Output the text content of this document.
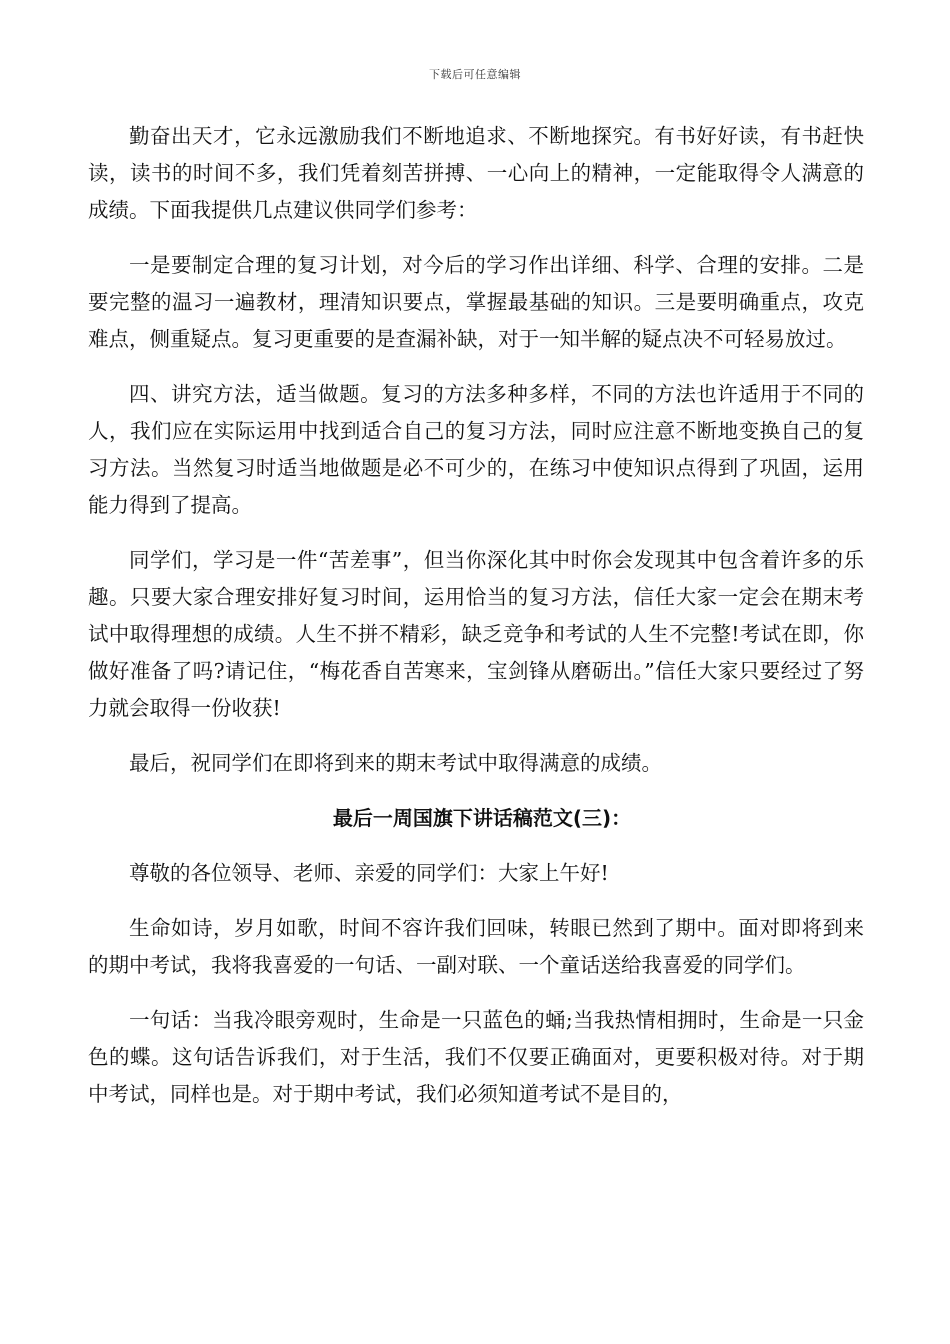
下载后可任意编辑

勤奋出天才，它永远激励我们不断地追求、不断地探究。有书好好读，有书赶快读，读书的时间不多，我们凭着刻苦拼搏、一心向上的精神，一定能取得令人满意的成绩。下面我提供几点建议供同学们参考：

一是要制定合理的复习计划，对今后的学习作出详细、科学、合理的安排。二是要完整的温习一遍教材，理清知识要点，掌握最基础的知识。三是要明确重点，攻克难点，侧重疑点。复习更重要的是查漏补缺，对于一知半解的疑点决不可轻易放过。

四、讲究方法，适当做题。复习的方法多种多样，不同的方法也许适用于不同的人，我们应在实际运用中找到适合自己的复习方法，同时应注意不断地变换自己的复习方法。当然复习时适当地做题是必不可少的，在练习中使知识点得到了巩固，运用能力得到了提高。

同学们，学习是一件“苦差事”，但当你深化其中时你会发现其中包含着许多的乐趣。只要大家合理安排好复习时间，运用恰当的复习方法，信任大家一定会在期末考试中取得理想的成绩。人生不拼不精彩，缺乏竞争和考试的人生不完整!考试在即，你做好准备了吗?请记住，“梅花香自苦寒来，宝剑锋从磨砺出。”信任大家只要经过了努力就会取得一份收获!

最后，祝同学们在即将到来的期末考试中取得满意的成绩。

最后一周国旗下讲话稿范文(三)：

尊敬的各位领导、老师、亲爱的同学们：大家上午好!

生命如诗，岁月如歌，时间不容许我们回味，转眼已然到了期中。面对即将到来的期中考试，我将我喜爱的一句话、一副对联、一个童话送给我喜爱的同学们。

一句话：当我冷眼旁观时，生命是一只蓝色的蛹;当我热情相拥时，生命是一只金色的蝶。这句话告诉我们，对于生活，我们不仅要正确面对，更要积极对待。对于期中考试，同样也是。对于期中考试，我们必须知道考试不是目的，
